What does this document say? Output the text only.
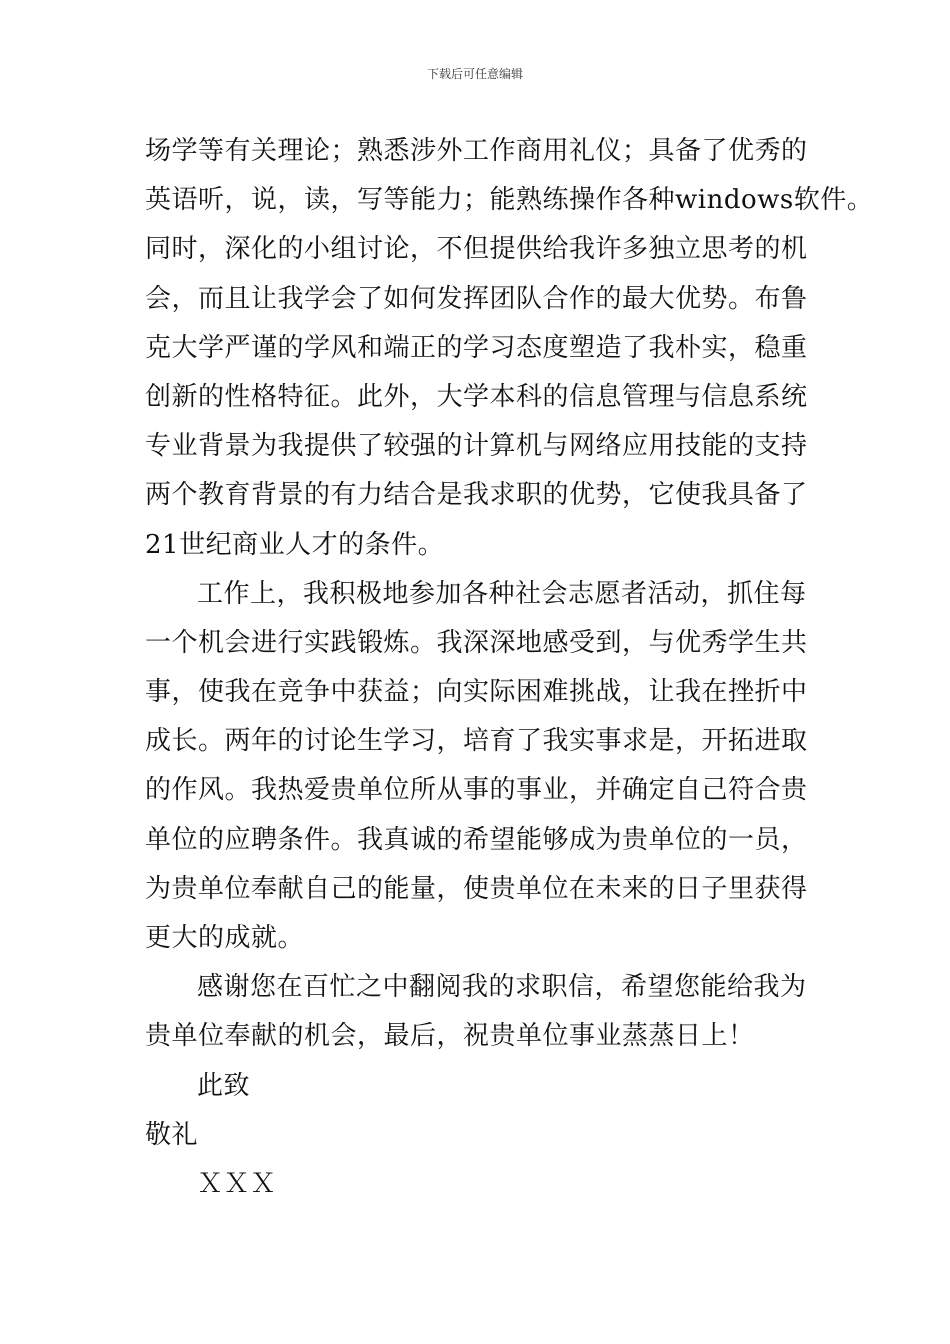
下载后可任意编辑
场学等有关理论；熟悉涉外工作商用礼仪；具备了优秀的
英语听，说，读，写等能力；能熟练操作各种windows软件。
同时，深化的小组讨论，不但提供给我许多独立思考的机
会，而且让我学会了如何发挥团队合作的最大优势。布鲁
克大学严谨的学风和端正的学习态度塑造了我朴实，稳重
创新的性格特征。此外，大学本科的信息管理与信息系统
专业背景为我提供了较强的计算机与网络应用技能的支持
两个教育背景的有力结合是我求职的优势，它使我具备了
21世纪商业人才的条件。
工作上，我积极地参加各种社会志愿者活动，抓住每
一个机会进行实践锻炼。我深深地感受到，与优秀学生共
事，使我在竞争中获益；向实际困难挑战，让我在挫折中
成长。两年的讨论生学习，培育了我实事求是，开拓进取
的作风。我热爱贵单位所从事的事业，并确定自己符合贵
单位的应聘条件。我真诚的希望能够成为贵单位的一员，
为贵单位奉献自己的能量，使贵单位在未来的日子里获得
更大的成就。
感谢您在百忙之中翻阅我的求职信，希望您能给我为
贵单位奉献的机会，最后，祝贵单位事业蒸蒸日上！
此致
敬礼
ＸＸＸ
